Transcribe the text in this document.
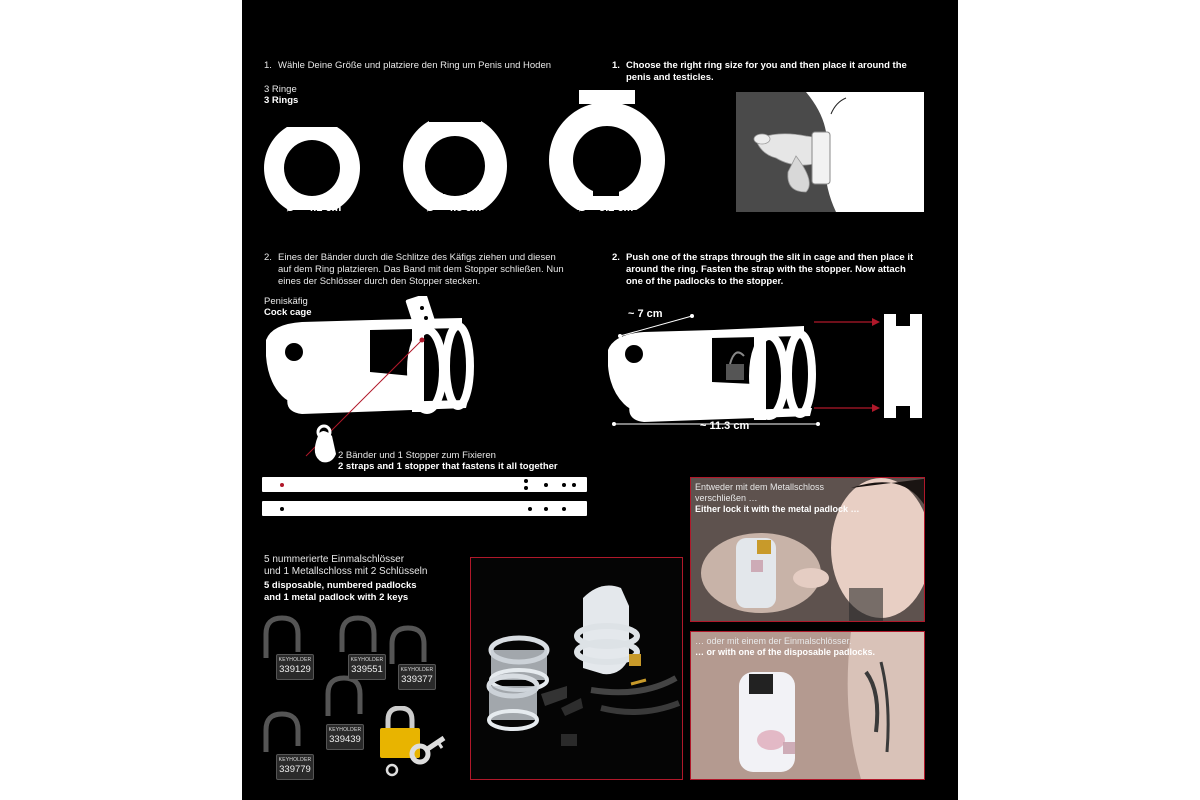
1. Wähle Deine Größe und platziere den Ring um Penis und Hoden	1. Choose the right ring size for you and then place it around the penis and testicles.
3 Ringe
3 Rings
Ø ~ 4.1 cm	Ø ~ 4.8 cm	Ø ~ 5.2 cm
2. Eines der Bänder durch die Schlitze des Käfigs ziehen und diesen auf dem Ring platzieren. Das Band mit dem Stopper schließen. Nun eines der Schlösser durch den Stopper stecken.
2. Push one of the straps through the slit in cage and then place it around the ring. Fasten the strap with the stopper. Now attach one of the padlocks to the stopper.
Peniskäfig
Cock cage
2 Bänder und 1 Stopper zum Fixieren
2 straps and 1 stopper that fastens it all together
~ 7 cm
~ 11.3 cm
5 nummerierte Einmalschlösser
und 1 Metallschloss mit 2 Schlüsseln
5 disposable, numbered padlocks
and 1 metal padlock with 2 keys
KEYHOLDER
339129
KEYHOLDER
339551	KEYHOLDER
339377
KEYHOLDER
339439
KEYHOLDER
339779
Entweder mit dem Metallschloss verschließen …
Either lock it with the metal padlock …
… oder mit einem der Einmalschlösser.
… or with one of the disposable padlocks.
